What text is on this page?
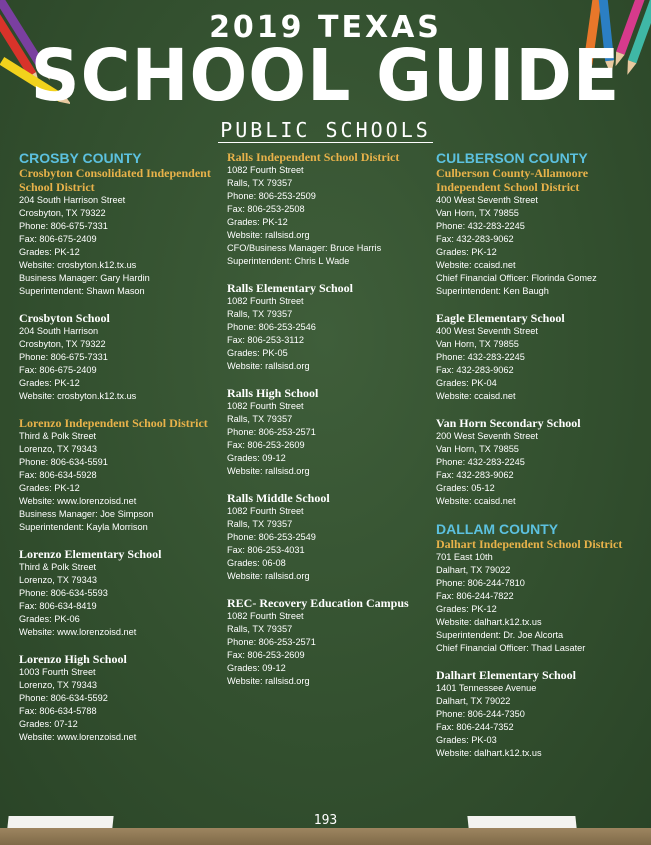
2019 TEXAS
SCHOOL GUIDE
PUBLIC SCHOOLS
CROSBY COUNTY
Crosbyton Consolidated Independent School District
204 South Harrison Street
Crosbyton, TX 79322
Phone: 806-675-7331
Fax: 806-675-2409
Grades: PK-12
Website: crosbyton.k12.tx.us
Business Manager: Gary Hardin
Superintendent: Shawn Mason
Crosbyton School
204 South Harrison
Crosbyton, TX 79322
Phone: 806-675-7331
Fax: 806-675-2409
Grades: PK-12
Website: crosbyton.k12.tx.us
Lorenzo Independent School District
Third & Polk Street
Lorenzo, TX 79343
Phone: 806-634-5591
Fax: 806-634-5928
Grades: PK-12
Website: www.lorenzoisd.net
Business Manager: Joe Simpson
Superintendent: Kayla Morrison
Lorenzo Elementary School
Third & Polk Street
Lorenzo, TX 79343
Phone: 806-634-5593
Fax: 806-634-8419
Grades: PK-06
Website: www.lorenzoisd.net
Lorenzo High School
1003 Fourth Street
Lorenzo, TX 79343
Phone: 806-634-5592
Fax: 806-634-5788
Grades: 07-12
Website: www.lorenzoisd.net
Ralls Independent School District
1082 Fourth Street
Ralls, TX 79357
Phone: 806-253-2509
Fax: 806-253-2508
Grades: PK-12
Website: rallsisd.org
CFO/Business Manager: Bruce Harris
Superintendent: Chris L Wade
Ralls Elementary School
1082 Fourth Street
Ralls, TX 79357
Phone: 806-253-2546
Fax: 806-253-3112
Grades: PK-05
Website: rallsisd.org
Ralls High School
1082 Fourth Street
Ralls, TX 79357
Phone: 806-253-2571
Fax: 806-253-2609
Grades: 09-12
Website: rallsisd.org
Ralls Middle School
1082 Fourth Street
Ralls, TX 79357
Phone: 806-253-2549
Fax: 806-253-4031
Grades: 06-08
Website: rallsisd.org
REC- Recovery Education Campus
1082 Fourth Street
Ralls, TX 79357
Phone: 806-253-2571
Fax: 806-253-2609
Grades: 09-12
Website: rallsisd.org
CULBERSON COUNTY
Culberson County-Allamoore Independent School District
400 West Seventh Street
Van Horn, TX 79855
Phone: 432-283-2245
Fax: 432-283-9062
Grades: PK-12
Website: ccaisd.net
Chief Financial Officer: Florinda Gomez
Superintendent: Ken Baugh
Eagle Elementary School
400 West Seventh Street
Van Horn, TX 79855
Phone: 432-283-2245
Fax: 432-283-9062
Grades: PK-04
Website: ccaisd.net
Van Horn Secondary School
200 West Seventh Street
Van Horn, TX 79855
Phone: 432-283-2245
Fax: 432-283-9062
Grades: 05-12
Website: ccaisd.net
DALLAM COUNTY
Dalhart Independent School District
701 East 10th
Dalhart, TX 79022
Phone: 806-244-7810
Fax: 806-244-7822
Grades: PK-12
Website: dalhart.k12.tx.us
Superintendent: Dr. Joe Alcorta
Chief Financial Officer: Thad Lasater
Dalhart Elementary School
1401 Tennessee Avenue
Dalhart, TX 79022
Phone: 806-244-7350
Fax: 806-244-7352
Grades: PK-03
Website: dalhart.k12.tx.us
193
